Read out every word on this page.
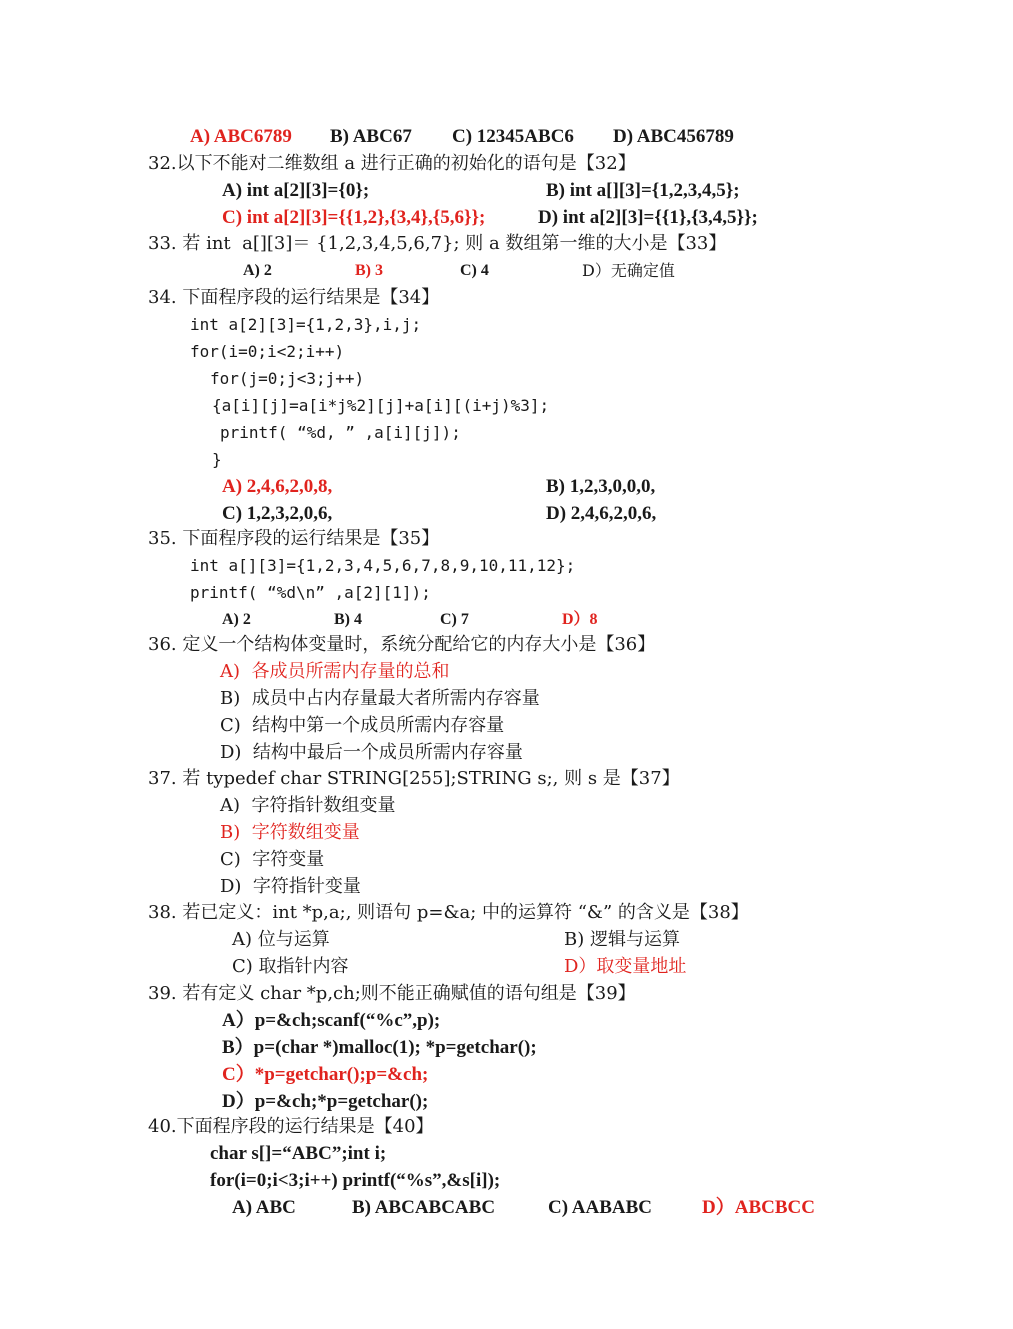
A) ABC6789 B) ABC67 C) 12345ABC6 D) ABC456789
32.以下不能对二维数组 a 进行正确的初始化的语句是【32】
A) int a[2][3]={0};	B) int a[][3]={1,2,3,4,5};
C) int a[2][3]={{1,2},{3,4},{5,6}};	D) int a[2][3]={{1},{3,4,5}};
33. 若 int  a[][3]＝ {1,2,3,4,5,6,7}; 则 a 数组第一维的大小是【33】
A) 2	B) 3	C) 4	D）无确定值
34. 下面程序段的运行结果是【34】
int a[2][3]={1,2,3},i,j;
for(i=0;i<2;i++)
for(j=0;j<3;j++)
{a[i][j]=a[i*j%2][j]+a[i][(i+j)%3];
printf( “%d, ” ,a[i][j]);
}
A) 2,4,6,2,0,8,	B) 1,2,3,0,0,0,
C) 1,2,3,2,0,6,	D) 2,4,6,2,0,6,
35. 下面程序段的运行结果是【35】
int a[][3]={1,2,3,4,5,6,7,8,9,10,11,12};
printf( “%d\n” ,a[2][1]);
A) 2	B) 4	C) 7	D）8
36. 定义一个结构体变量时，系统分配给它的内存大小是【36】
A)  各成员所需内存量的总和
B)  成员中占内存量最大者所需内存容量
C)  结构中第一个成员所需内存容量
D)  结构中最后一个成员所需内存容量
37. 若 typedef char STRING[255];STRING s;, 则 s 是【37】
A)  字符指针数组变量
B)  字符数组变量
C)  字符变量
D)  字符指针变量
38. 若已定义：int *p,a;, 则语句 p=&a; 中的运算符 “&” 的含义是【38】
A) 位与运算	B) 逻辑与运算
C) 取指针内容	D）取变量地址
39. 若有定义 char *p,ch;则不能正确赋值的语句组是【39】
A）p=&ch;scanf(“%c”,p);
B）p=(char *)malloc(1); *p=getchar();
C）*p=getchar();p=&ch;
D）p=&ch;*p=getchar();
40.下面程序段的运行结果是【40】
char s[]=“ABC”;int i;
for(i=0;i<3;i++) printf(“%s”,&s[i]);
A) ABC	B) ABCABCABC	C) AABABC	D）ABCBCC
